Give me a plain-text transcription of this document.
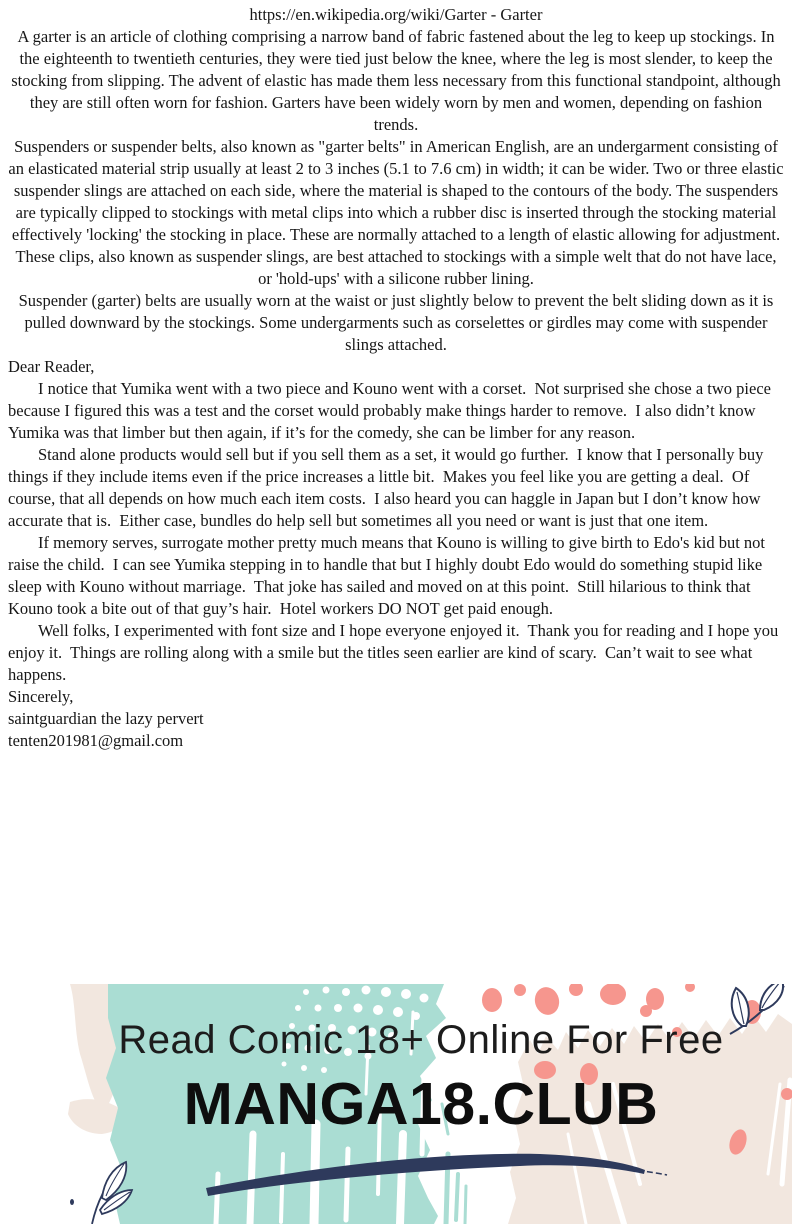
https://en.wikipedia.org/wiki/Garter - Garter

A garter is an article of clothing comprising a narrow band of fabric fastened about the leg to keep up stockings. In the eighteenth to twentieth centuries, they were tied just below the knee, where the leg is most slender, to keep the stocking from slipping. The advent of elastic has made them less necessary from this functional standpoint, although they are still often worn for fashion. Garters have been widely worn by men and women, depending on fashion trends.

Suspenders or suspender belts, also known as "garter belts" in American English, are an undergarment consisting of an elasticated material strip usually at least 2 to 3 inches (5.1 to 7.6 cm) in width; it can be wider. Two or three elastic suspender slings are attached on each side, where the material is shaped to the contours of the body. The suspenders are typically clipped to stockings with metal clips into which a rubber disc is inserted through the stocking material effectively 'locking' the stocking in place. These are normally attached to a length of elastic allowing for adjustment. These clips, also known as suspender slings, are best attached to stockings with a simple welt that do not have lace, or 'hold-ups' with a silicone rubber lining.

Suspender (garter) belts are usually worn at the waist or just slightly below to prevent the belt sliding down as it is pulled downward by the stockings. Some undergarments such as corselettes or girdles may come with suspender slings attached.

Dear Reader,

I notice that Yumika went with a two piece and Kouno went with a corset.  Not surprised she chose a two piece because I figured this was a test and the corset would probably make things harder to remove.  I also didn’t know Yumika was that limber but then again, if it’s for the comedy, she can be limber for any reason.

Stand alone products would sell but if you sell them as a set, it would go further.  I know that I personally buy things if they include items even if the price increases a little bit.  Makes you feel like you are getting a deal.  Of course, that all depends on how much each item costs.  I also heard you can haggle in Japan but I don’t know how accurate that is.  Either case, bundles do help sell but sometimes all you need or want is just that one item.

If memory serves, surrogate mother pretty much means that Kouno is willing to give birth to Edo's kid but not raise the child.  I can see Yumika stepping in to handle that but I highly doubt Edo would do something stupid like sleep with Kouno without marriage.  That joke has sailed and moved on at this point.  Still hilarious to think that Kouno took a bite out of that guy’s hair.  Hotel workers DO NOT get paid enough.

Well folks, I experimented with font size and I hope everyone enjoyed it.  Thank you for reading and I hope you enjoy it.  Things are rolling along with a smile but the titles seen earlier are kind of scary.  Can’t wait to see what happens.

Sincerely,

saintguardian the lazy pervert

tenten201981@gmail.com

Read Comic 18+ Online For Free
MANGA18.CLUB
